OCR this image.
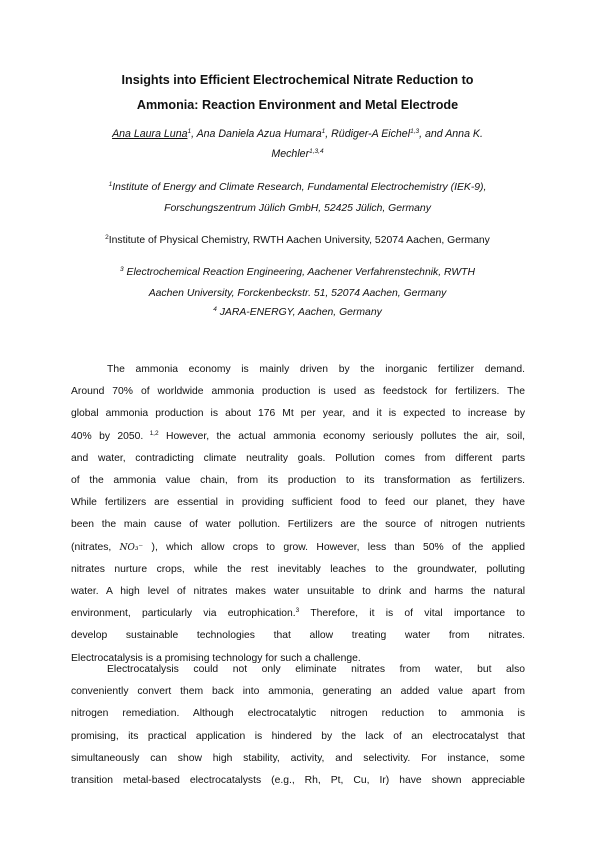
Insights into Efficient Electrochemical Nitrate Reduction to
Ammonia: Reaction Environment and Metal Electrode

Ana Laura Luna$^1$, Ana Daniela Azua Humara$^1$, Rüdiger-A Eichel$^{1,3}$, and Anna K.
Mechler$^{1,3,4}$

$^1$Institute of Energy and Climate Research, Fundamental Electrochemistry (IEK-9),
Forschungszentrum Jülich GmbH, 52425 Jülich, Germany

$^2$Institute of Physical Chemistry, RWTH Aachen University, 52074 Aachen, Germany

$^3$ Electrochemical Reaction Engineering, Aachener Verfahrenstechnik, RWTH
Aachen University, Forckenbeckstr. 51, 52074 Aachen, Germany

$^4$ JARA-ENERGY, Aachen, Germany

The ammonia economy is mainly driven by the inorganic fertilizer demand.
Around 70% of worldwide ammonia production is used as feedstock for fertilizers. The
global ammonia production is about 176 Mt per year, and it is expected to increase by
40% by 2050. $^{1,2}$ However, the actual ammonia economy seriously pollutes the air, soil,
and water, contradicting climate neutrality goals. Pollution comes from different parts
of the ammonia value chain, from its production to its transformation as fertilizers.
While fertilizers are essential in providing sufficient food to feed our planet, they have
been the main cause of water pollution. Fertilizers are the source of nitrogen nutrients
(nitrates, NO₃⁻ ), which allow crops to grow. However, less than 50% of the applied
nitrates nurture crops, while the rest inevitably leaches to the groundwater, polluting
water. A high level of nitrates makes water unsuitable to drink and harms the natural
environment, particularly via eutrophication.$^3$ Therefore, it is of vital importance to
develop sustainable technologies that allow treating water from nitrates.
Electrocatalysis is a promising technology for such a challenge.
Electrocatalysis could not only eliminate nitrates from water, but also
conveniently convert them back into ammonia, generating an added value apart from
nitrogen remediation. Although electrocatalytic nitrogen reduction to ammonia is
promising, its practical application is hindered by the lack of an electrocatalyst that
simultaneously can show high stability, activity, and selectivity. For instance, some
transition metal-based electrocatalysts (e.g., Rh, Pt, Cu, Ir) have shown appreciable
